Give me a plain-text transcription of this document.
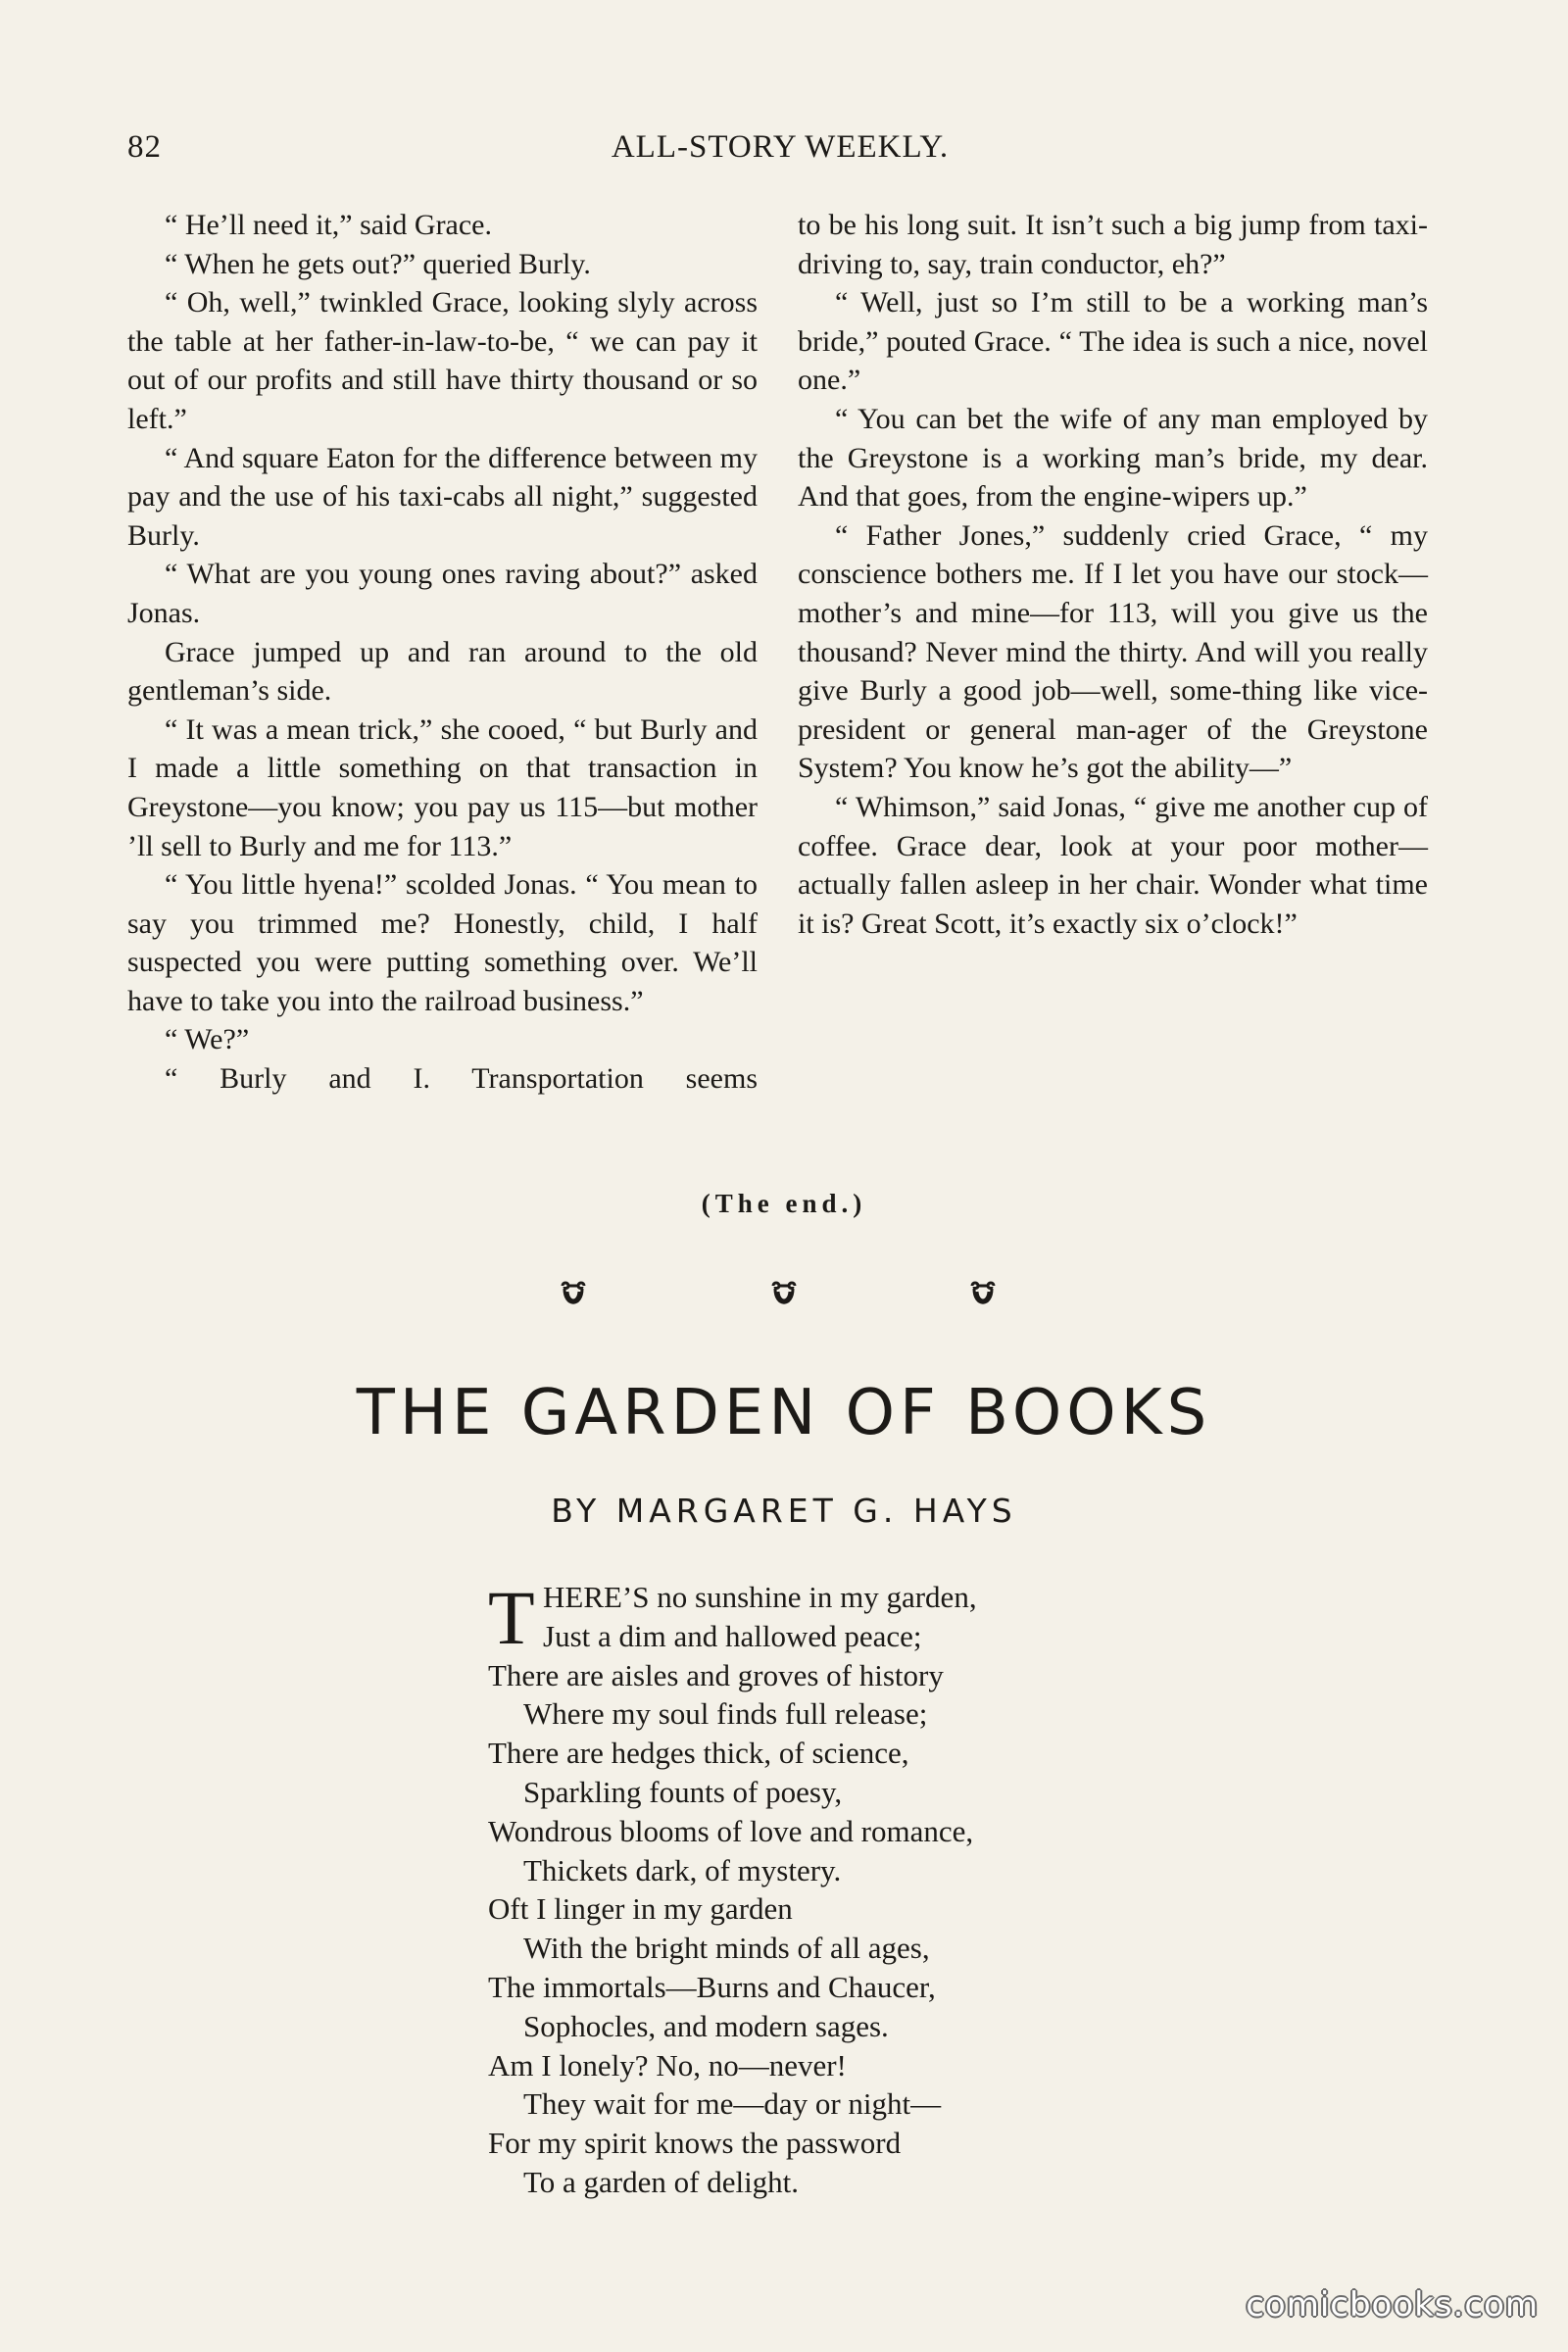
82	ALL-STORY WEEKLY.

“ He’ll need it,” said Grace.

“ When he gets out?” queried Burly.

“ Oh, well,” twinkled Grace, looking slyly across the table at her father-in-law-to-be, “ we can pay it out of our profits and still have thirty thousand or so left.”

“ And square Eaton for the difference between my pay and the use of his taxi-cabs all night,” suggested Burly.

“ What are you young ones raving about?” asked Jonas.

Grace jumped up and ran around to the old gentleman’s side.

“ It was a mean trick,” she cooed, “ but Burly and I made a little something on that transaction in Greystone—you know; you pay us 115—but mother ’ll sell to Burly and me for 113.”

“ You little hyena!” scolded Jonas. “ You mean to say you trimmed me? Honestly, child, I half suspected you were putting something over. We’ll have to take you into the railroad business.”

“ We?”

“ Burly and I. Transportation seems

to be his long suit. It isn’t such a big jump from taxi-driving to, say, train conductor, eh?”

“ Well, just so I’m still to be a working man’s bride,” pouted Grace. “ The idea is such a nice, novel one.”

“ You can bet the wife of any man employed by the Greystone is a working man’s bride, my dear. And that goes, from the engine-wipers up.”

“ Father Jones,” suddenly cried Grace, “ my conscience bothers me. If I let you have our stock—mother’s and mine—for 113, will you give us the thousand? Never mind the thirty. And will you really give Burly a good job—well, some-thing like vice-president or general man-ager of the Greystone System? You know he’s got the ability—”

“ Whimson,” said Jonas, “ give me another cup of coffee. Grace dear, look at your poor mother—actually fallen asleep in her chair. Wonder what time it is? Great Scott, it’s exactly six o’clock!”

(The end.)
THE GARDEN OF BOOKS
BY MARGARET G. HAYS
T HERE’S no sunshine in my garden,
Just a dim and hallowed peace;
There are aisles and groves of history
Where my soul finds full release;
There are hedges thick, of science,
Sparkling founts of poesy,
Wondrous blooms of love and romance,
Thickets dark, of mystery.
Oft I linger in my garden
With the bright minds of all ages,
The immortals—Burns and Chaucer,
Sophocles, and modern sages.
Am I lonely? No, no—never!
They wait for me—day or night—
For my spirit knows the password
To a garden of delight.
comicbooks.com
